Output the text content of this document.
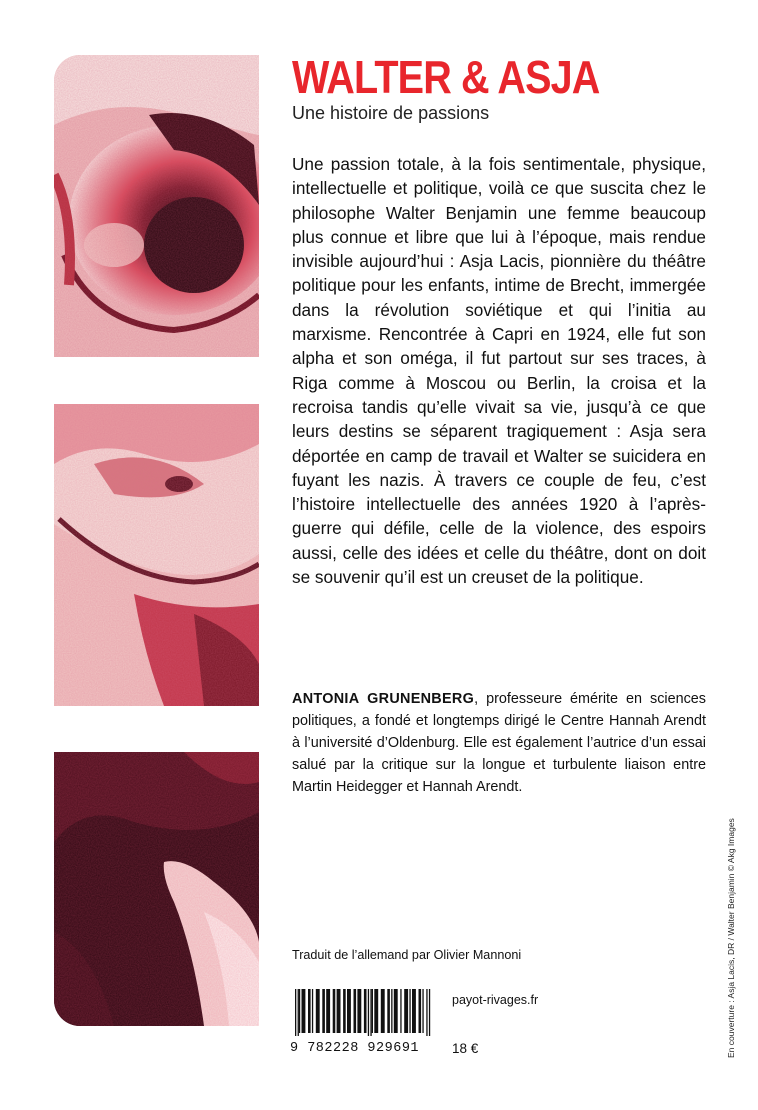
WALTER & ASJA
Une histoire de passions

Une passion totale, à la fois sentimentale, physique, intellectuelle et politique, voilà ce que suscita chez le philosophe Walter Benjamin une femme beaucoup plus connue et libre que lui à l’époque, mais rendue invisible aujourd’hui : Asja Lacis, pionnière du théâtre politique pour les enfants, intime de Brecht, immergée dans la révolution soviétique et qui l’initia au marxisme. Rencontrée à Capri en 1924, elle fut son alpha et son oméga, il fut partout sur ses traces, à Riga comme à Moscou ou Berlin, la croisa et la recroisa tandis qu’elle vivait sa vie, jusqu’à ce que leurs destins se séparent tragiquement : Asja sera déportée en camp de travail et Walter se suicidera en fuyant les nazis. À travers ce couple de feu, c’est l’histoire intellectuelle des années 1920 à l’après-guerre qui défile, celle de la violence, des espoirs aussi, celle des idées et celle du théâtre, dont on doit se souvenir qu’il est un creuset de la politique.

ANTONIA GRUNENBERG, professeure émérite en sciences politiques, a fondé et longtemps dirigé le Centre Hannah Arendt à l’université d’Oldenburg. Elle est également l’autrice d’un essai salué par la critique sur la longue et turbulente liaison entre Martin Heidegger et Hannah Arendt.

Traduit de l’allemand par Olivier Mannoni
9 782228 929691
payot-rivages.fr
18 €	En couverture : Asja Lacis, DR / Walter Benjamin © Akg Images
